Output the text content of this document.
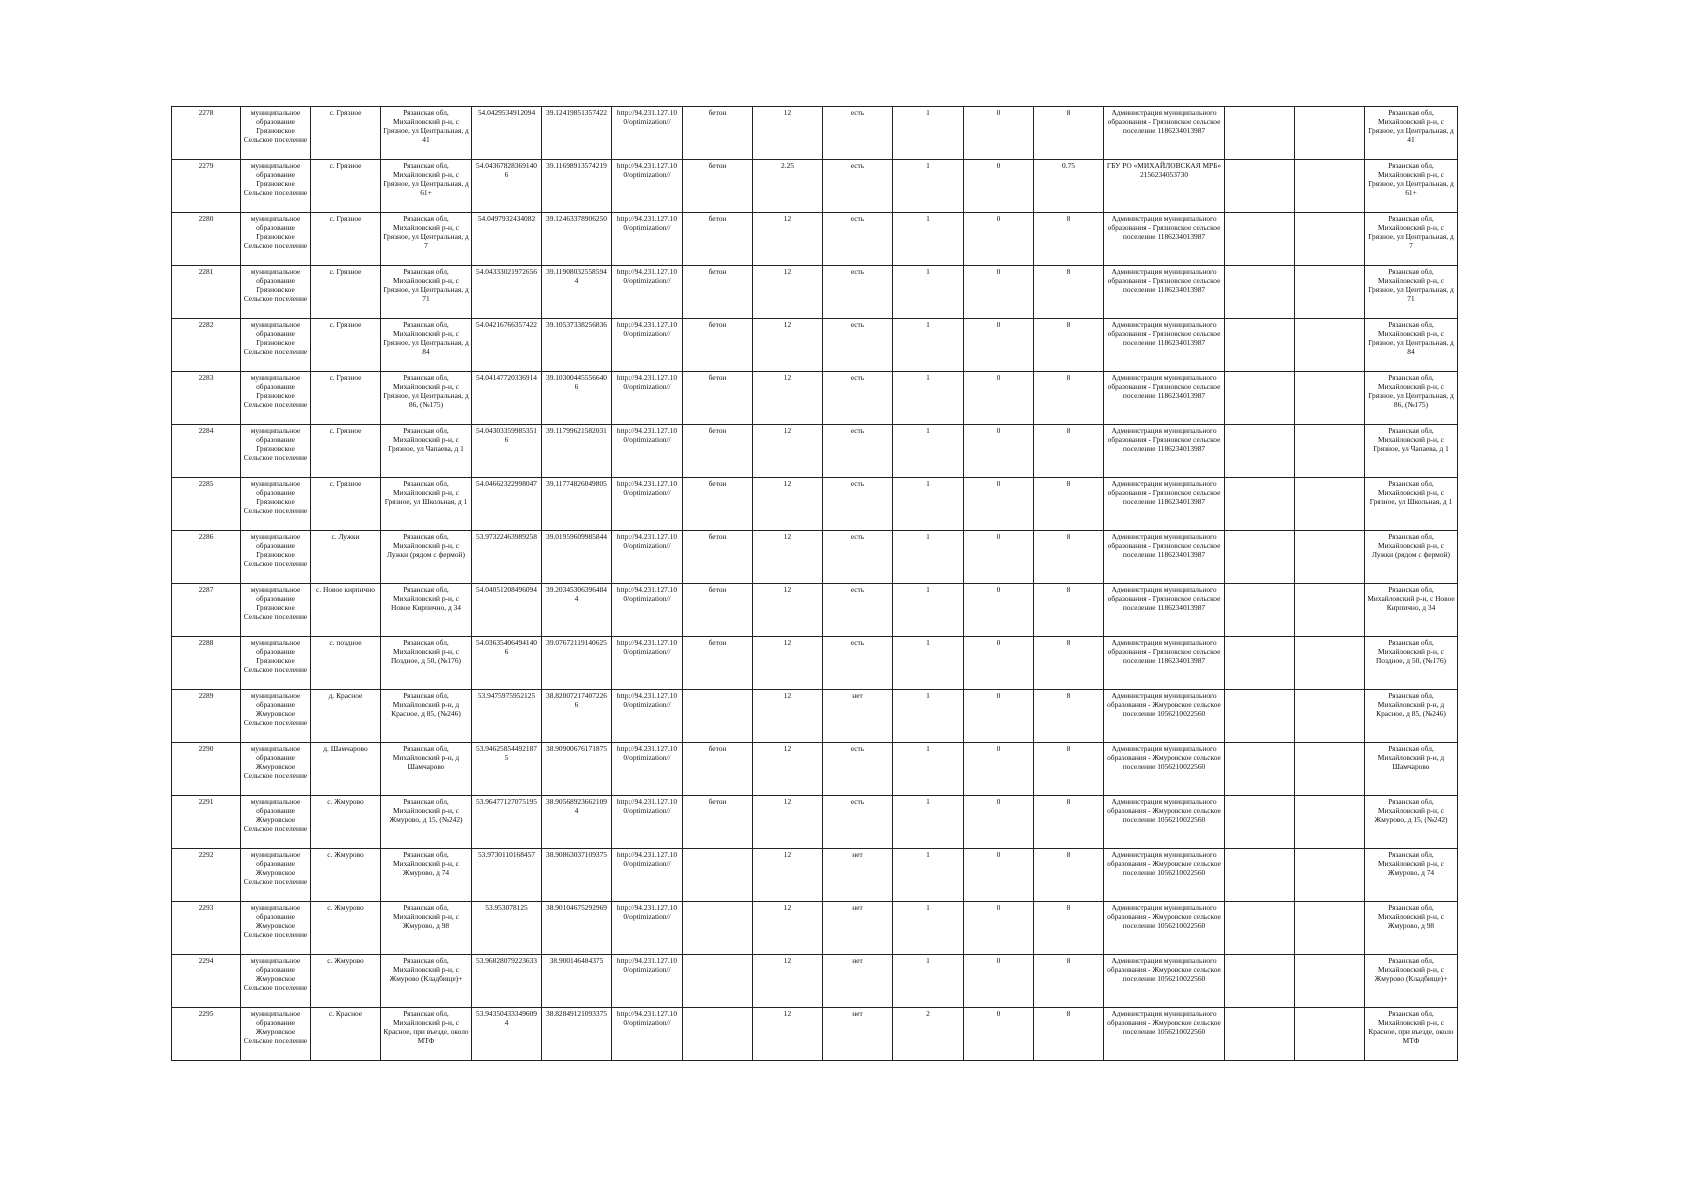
2278	муниципальное образование Грязновское Сельское поселение	с. Грязное	Рязанская обл, Михайловский р-н, с Грязное, ул Центральная, д 41	54.0429534912094	39.12419851357422	http://94.231.127.10 0/optimization//	бетон	12	есть	1	0	8	Администрация муниципального образования - Грязновское сельское поселение 1186234013987			Рязанская обл, Михайловский р-н, с Грязное, ул Центральная, д 41
2279	муниципальное образование Грязновское Сельское поселение	с. Грязное	Рязанская обл, Михайловский р-н, с Грязное, ул Центральная, д 61+	54.04367828369140 6	39.11698913574219	http://94.231.127.10 0/optimization//	бетон	2.25	есть	1	0	0.75	ГБУ РО «МИХАЙЛОВСКАЯ МРБ» 2156234053730			Рязанская обл, Михайловский р-н, с Грязное, ул Центральная, д 61+
2280	муниципальное образование Грязновское Сельское поселение	с. Грязное	Рязанская обл, Михайловский р-н, с Грязное, ул Центральная, д 7	54.0497932434082	39.12463378906250	http://94.231.127.10 0/optimization//	бетон	12	есть	1	0	8	Администрация муниципального образования - Грязновское сельское поселение 1186234013987			Рязанская обл, Михайловский р-н, с Грязное, ул Центральная, д 7
2281	муниципальное образование Грязновское Сельское поселение	с. Грязное	Рязанская обл, Михайловский р-н, с Грязное, ул Центральная, д 71	54.04333021972656	39.11908032558594 4	http://94.231.127.10 0/optimization//	бетон	12	есть	1	0	8	Администрация муниципального образования - Грязновское сельское поселение 1186234013987			Рязанская обл, Михайловский р-н, с Грязное, ул Центральная, д 71
2282	муниципальное образование Грязновское Сельское поселение	с. Грязное	Рязанская обл, Михайловский р-н, с Грязное, ул Центральная, д 84	54.04216766357422	39.10537338256836	http://94.231.127.10 0/optimization//	бетон	12	есть	1	0	8	Администрация муниципального образования - Грязновское сельское поселение 1186234013987			Рязанская обл, Михайловский р-н, с Грязное, ул Центральная, д 84
2283	муниципальное образование Грязновское Сельское поселение	с. Грязное	Рязанская обл, Михайловский р-н, с Грязное, ул Центральная, д 86, (№175)	54.04147720336914	39.10300445556640 6	http://94.231.127.10 0/optimization//	бетон	12	есть	1	0	8	Администрация муниципального образования - Грязновское сельское поселение 1186234013987			Рязанская обл, Михайловский р-н, с Грязное, ул Центральная, д 86, (№175)
2284	муниципальное образование Грязновское Сельское поселение	с. Грязное	Рязанская обл, Михайловский р-н, с Грязное, ул Чапаева, д 1	54.04303359985351 6	39.11799621582031	http://94.231.127.10 0/optimization//	бетон	12	есть	1	0	8	Администрация муниципального образования - Грязновское сельское поселение 1186234013987			Рязанская обл, Михайловский р-н, с Грязное, ул Чапаева, д 1
2285	муниципальное образование Грязновское Сельское поселение	с. Грязное	Рязанская обл, Михайловский р-н, с Грязное, ул Школьная, д 1	54.04662322998047	39.11774826049805	http://94.231.127.10 0/optimization//	бетон	12	есть	1	0	8	Администрация муниципального образования - Грязновское сельское поселение 1186234013987			Рязанская обл, Михайловский р-н, с Грязное, ул Школьная, д 1
2286	муниципальное образование Грязновское Сельское поселение	с. Лужки	Рязанская обл, Михайловский р-н, с Лужки (рядом с фермой)	53.97322463989258	39.01959609985844	http://94.231.127.10 0/optimization//	бетон	12	есть	1	0	8	Администрация муниципального образования - Грязновское сельское поселение 1186234013987			Рязанская обл, Михайловский р-н, с Лужки (рядом с фермой)
2287	муниципальное образование Грязновское Сельское поселение	с. Новое кирпично	Рязанская обл, Михайловский р-н, с Новое Кирпично, д 34	54.04051208496094	39.20345306396484 4	http://94.231.127.10 0/optimization//	бетон	12	есть	1	0	8	Администрация муниципального образования - Грязновское сельское поселение 1186234013987			Рязанская обл, Михайловский р-н, с Новое Кирпично, д 34
2288	муниципальное образование Грязновское Сельское поселение	с. поздное	Рязанская обл, Михайловский р-н, с Поздное, д 50, (№176)	54.03635406494140 6	39.07672119140625	http://94.231.127.10 0/optimization//	бетон	12	есть	1	0	8	Администрация муниципального образования - Грязновское сельское поселение 1186234013987			Рязанская обл, Михайловский р-н, с Поздное, д 50, (№176)
2289	муниципальное образование Жмуровское Сельское поселение	д. Красное	Рязанская обл, Михайловский р-н, д Красное, д 85, (№246)	53.9475975952125	38.82007217407226 6	http://94.231.127.10 0/optimization//		12	нет	1	0	8	Администрация муниципального образования - Жмуровское сельское поселение 1056210022560			Рязанская обл, Михайловский р-н, д Красное, д 85, (№246)
2290	муниципальное образование Жмуровское Сельское поселение	д. Шамчарово	Рязанская обл, Михайловский р-н, д Шамчарово	53.94625854492187 5	38.90900676171875	http://94.231.127.10 0/optimization//	бетон	12	есть	1	0	8	Администрация муниципального образования - Жмуровское сельское поселение 1056210022560			Рязанская обл, Михайловский р-н, д Шамчарово
2291	муниципальное образование Жмуровское Сельское поселение	с. Жмурово	Рязанская обл, Михайловский р-н, с Жмурово, д 15, (№242)	53.96477127075195	38.90568923662109 4	http://94.231.127.10 0/optimization//	бетон	12	есть	1	0	8	Администрация муниципального образования - Жмуровское сельское поселение 1056210022560			Рязанская обл, Михайловский р-н, с Жмурово, д 15, (№242)
2292	муниципальное образование Жмуровское Сельское поселение	с. Жмурово	Рязанская обл, Михайловский р-н, с Жмурово, д 74	53.9730110168457	38.90863037109375	http://94.231.127.10 0/optimization//		12	нет	1	0	8	Администрация муниципального образования - Жмуровское сельское поселение 1056210022560			Рязанская обл, Михайловский р-н, с Жмурово, д 74
2293	муниципальное образование Жмуровское Сельское поселение	с. Жмурово	Рязанская обл, Михайловский р-н, с Жмурово, д 98	53.953078125	38.90104675292969	http://94.231.127.10 0/optimization//		12	нет	1	0	8	Администрация муниципального образования - Жмуровское сельское поселение 1056210022560			Рязанская обл, Михайловский р-н, с Жмурово, д 98
2294	муниципальное образование Жмуровское Сельское поселение	с. Жмурово	Рязанская обл, Михайловский р-н, с Жмурово (Кладбище)+	53.96828079223633	38.900146484375	http://94.231.127.10 0/optimization//		12	нет	1	0	8	Администрация муниципального образования - Жмуровское сельское поселение 1056210022560			Рязанская обл, Михайловский р-н, с Жмурово (Кладбище)+
2295	муниципальное образование Жмуровское Сельское поселение	с. Красное	Рязанская обл, Михайловский р-н, с Красное, при въезде, около МТФ	53.94350433349609 4	38.82849121093375	http://94.231.127.10 0/optimization//		12	нет	2	0	8	Администрация муниципального образования - Жмуровское сельское поселение 1056210022560			Рязанская обл, Михайловский р-н, с Красное, при въезде, около МТФ
